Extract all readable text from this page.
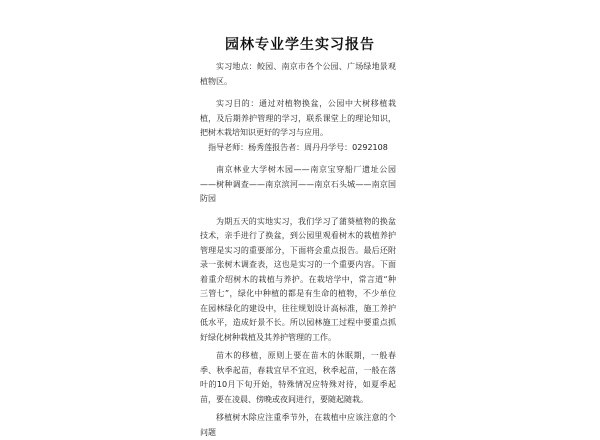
园林专业学生实习报告

实习地点：鲛园、南京市各个公园、广场绿地景观植物区。

实习目的：通过对植物换盆，公园中大树移植栽植，及后期养护管理的学习，联系课堂上的理论知识，把树木栽培知识更好的学习与应用。

指导老师：杨秀莲报告者：周丹丹学号：0292108

南京林业大学树木园——南京宝穿船厂遗址公园——树种调查——南京滨河——南京石头城——南京国防园

为期五天的实地实习，我们学习了蒲葵植物的换盆技术，亲手进行了换盆，到公园里观看树木的栽植养护管理是实习的重要部分，下面将会重点报告。最后还附录一张树木调查表，这也是实习的一个重要内容。下面着重介绍树木的栽植与养护。在栽培学中，常言道“种三管七”，绿化中种植的都是有生命的植物，不少单位在园林绿化的建设中，往往规划设计高标准，施工养护低水平，造成好景不长。所以园林施工过程中要重点抓好绿化树种栽植及其养护管理的工作。

苗木的移植，原则上要在苗木的休眠期，一般春季、秋季起苗，春栽宜早不宜迟，秋季起苗，一般在落叶的10月下旬开始，特殊情况应特殊对待，如夏季起苗，要在凌晨、傍晚或夜间进行，要随起随栽。

移植树木除应注重季节外，在栽植中应该注意的个问题
